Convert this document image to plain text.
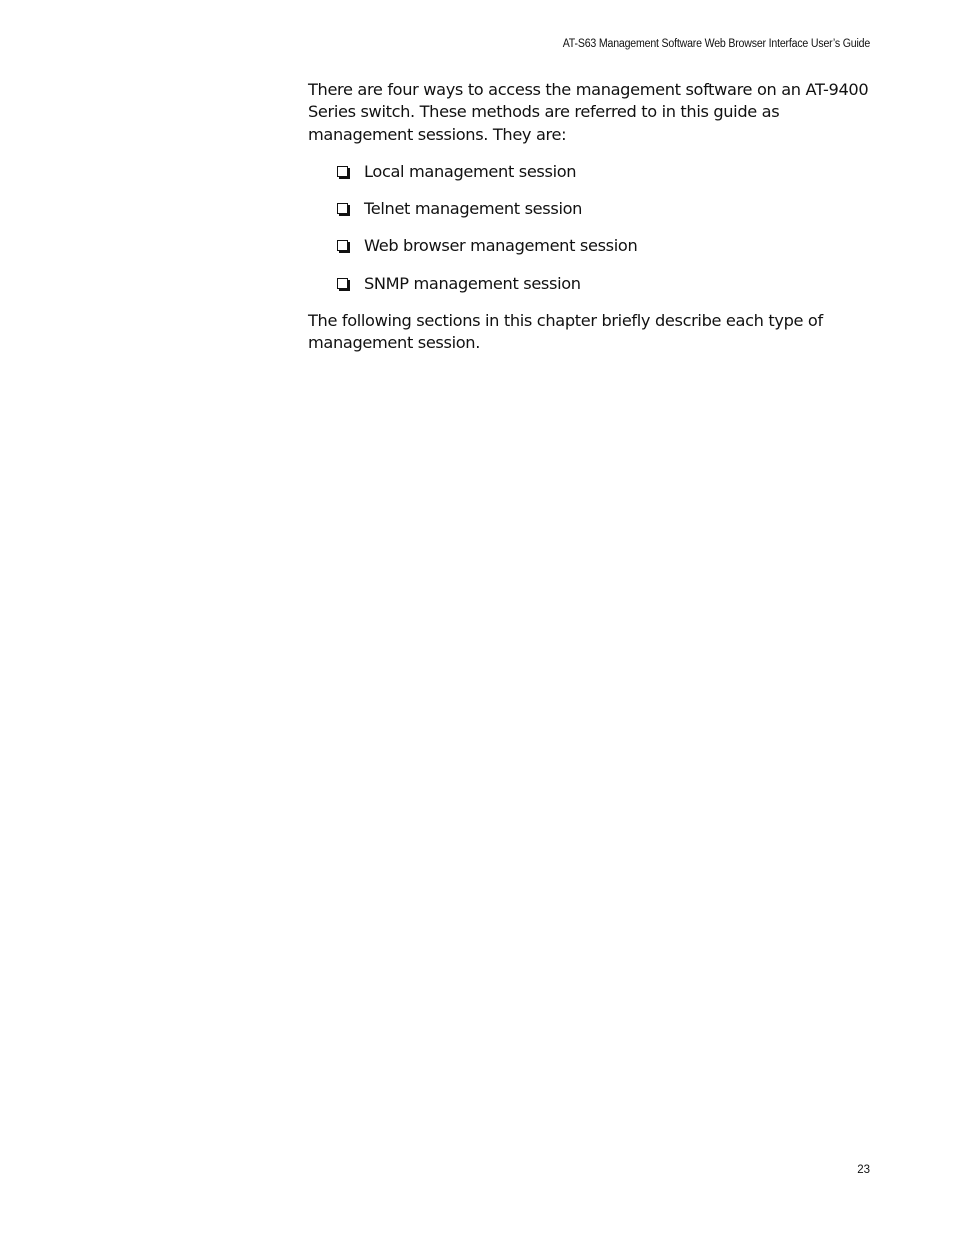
AT-S63 Management Software Web Browser Interface User’s Guide

There are four ways to access the management software on an AT-9400 Series switch. These methods are referred to in this guide as management sessions. They are:

Local management session
Telnet management session
Web browser management session
SNMP management session

The following sections in this chapter briefly describe each type of management session.

23
